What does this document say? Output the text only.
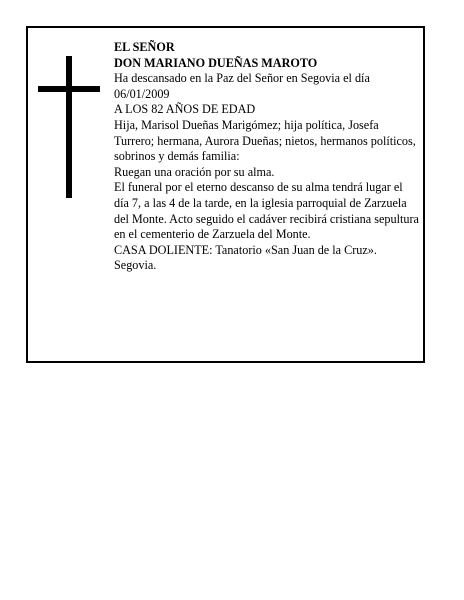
EL SEÑOR

DON MARIANO DUEÑAS MAROTO

Ha descansado en la Paz del Señor en Segovia el día 06/01/2009

A LOS 82 AÑOS DE EDAD

Hija, Marisol Dueñas Marigómez; hija política, Josefa Turrero; hermana, Aurora Dueñas; nietos, hermanos políticos, sobrinos y demás familia:

Ruegan una oración por su alma.

El funeral por el eterno descanso de su alma tendrá lugar el día 7, a las 4 de la tarde, en la iglesia parroquial de Zarzuela del Monte. Acto seguido el cadáver recibirá cristiana sepultura en el cementerio de Zarzuela del Monte.

CASA DOLIENTE: Tanatorio «San Juan de la Cruz». Segovia.
